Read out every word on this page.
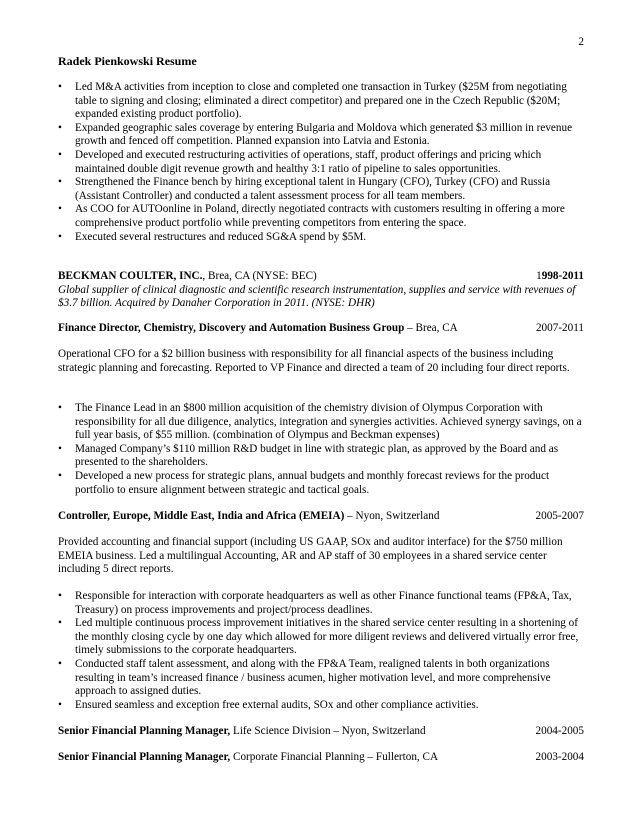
2
Radek Pienkowski Resume
• Led M&A activities from inception to close and completed one transaction in Turkey ($25M from negotiating table to signing and closing; eliminated a direct competitor) and prepared one in the Czech Republic ($20M; expanded existing product portfolio).
• Expanded geographic sales coverage by entering Bulgaria and Moldova which generated $3 million in revenue growth and fenced off competition. Planned expansion into Latvia and Estonia.
• Developed and executed restructuring activities of operations, staff, product offerings and pricing which maintained double digit revenue growth and healthy 3:1 ratio of pipeline to sales opportunities.
• Strengthened the Finance bench by hiring exceptional talent in Hungary (CFO), Turkey (CFO) and Russia (Assistant Controller) and conducted a talent assessment process for all team members.
• As COO for AUTOonline in Poland, directly negotiated contracts with customers resulting in offering a more comprehensive product portfolio while preventing competitors from entering the space.
• Executed several restructures and reduced SG&A spend by $5M.
BECKMAN COULTER, INC., Brea, CA (NYSE: BEC)	1998-2011

Global supplier of clinical diagnostic and scientific research instrumentation, supplies and service with revenues of $3.7 billion. Acquired by Danaher Corporation in 2011. (NYSE: DHR)

Finance Director, Chemistry, Discovery and Automation Business Group – Brea, CA	2007-2011

Operational CFO for a $2 billion business with responsibility for all financial aspects of the business including strategic planning and forecasting. Reported to VP Finance and directed a team of 20 including four direct reports.

• The Finance Lead in an $800 million acquisition of the chemistry division of Olympus Corporation with responsibility for all due diligence, analytics, integration and synergies activities. Achieved synergy savings, on a full year basis, of $55 million. (combination of Olympus and Beckman expenses)
• Managed Company’s $110 million R&D budget in line with strategic plan, as approved by the Board and as presented to the shareholders.
• Developed a new process for strategic plans, annual budgets and monthly forecast reviews for the product portfolio to ensure alignment between strategic and tactical goals.
Controller, Europe, Middle East, India and Africa (EMEIA) – Nyon, Switzerland	2005-2007

Provided accounting and financial support (including US GAAP, SOx and auditor interface) for the $750 million EMEIA business. Led a multilingual Accounting, AR and AP staff of 30 employees in a shared service center including 5 direct reports.

• Responsible for interaction with corporate headquarters as well as other Finance functional teams (FP&A, Tax, Treasury) on process improvements and project/process deadlines.
• Led multiple continuous process improvement initiatives in the shared service center resulting in a shortening of the monthly closing cycle by one day which allowed for more diligent reviews and delivered virtually error free, timely submissions to the corporate headquarters.
• Conducted staff talent assessment, and along with the FP&A Team, realigned talents in both organizations resulting in team’s increased finance / business acumen, higher motivation level, and more comprehensive approach to assigned duties.
• Ensured seamless and exception free external audits, SOx and other compliance activities.
Senior Financial Planning Manager, Life Science Division – Nyon, Switzerland	2004-2005
Senior Financial Planning Manager, Corporate Financial Planning – Fullerton, CA	2003-2004
